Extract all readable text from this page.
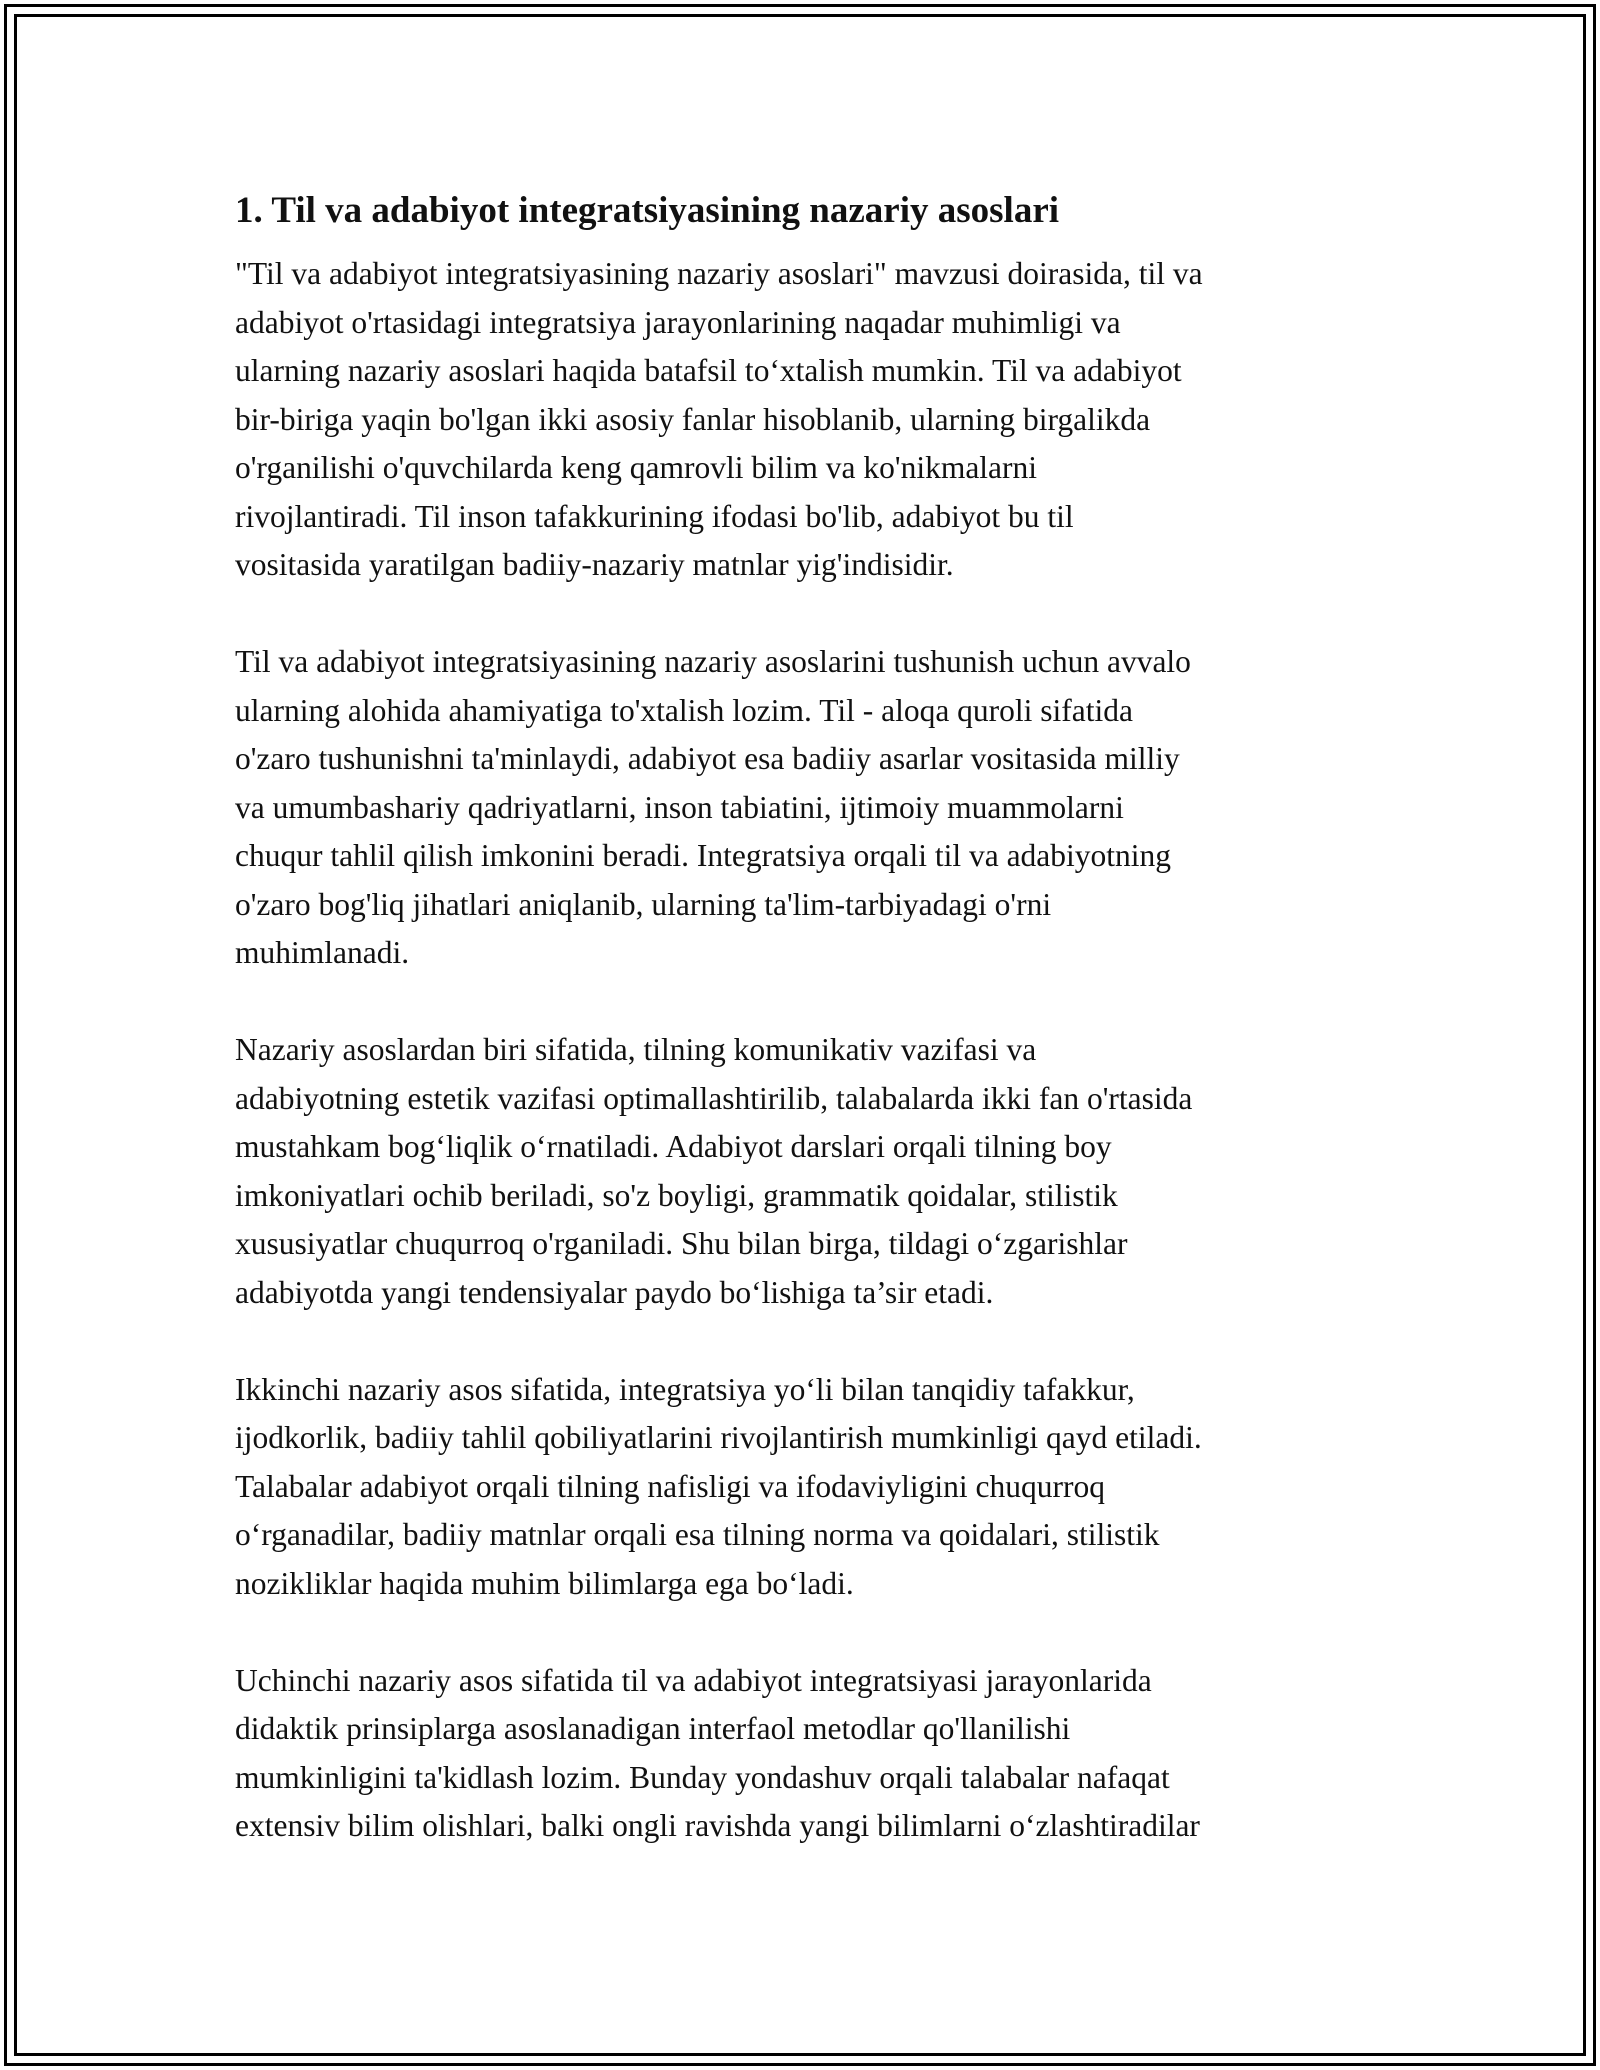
1. Til va adabiyot integratsiyasining nazariy asoslari

"Til va adabiyot integratsiyasining nazariy asoslari" mavzusi doirasida, til va
adabiyot o'rtasidagi integratsiya jarayonlarining naqadar muhimligi va
ularning nazariy asoslari haqida batafsil to‘xtalish mumkin. Til va adabiyot
bir-biriga yaqin bo'lgan ikki asosiy fanlar hisoblanib, ularning birgalikda
o'rganilishi o'quvchilarda keng qamrovli bilim va ko'nikmalarni
rivojlantiradi. Til inson tafakkurining ifodasi bo'lib, adabiyot bu til
vositasida yaratilgan badiiy-nazariy matnlar yig'indisidir.

Til va adabiyot integratsiyasining nazariy asoslarini tushunish uchun avvalo
ularning alohida ahamiyatiga to'xtalish lozim. Til - aloqa quroli sifatida
o'zaro tushunishni ta'minlaydi, adabiyot esa badiiy asarlar vositasida milliy
va umumbashariy qadriyatlarni, inson tabiatini, ijtimoiy muammolarni
chuqur tahlil qilish imkonini beradi. Integratsiya orqali til va adabiyotning
o'zaro bog'liq jihatlari aniqlanib, ularning ta'lim-tarbiyadagi o'rni
muhimlanadi.

Nazariy asoslardan biri sifatida, tilning komunikativ vazifasi va
adabiyotning estetik vazifasi optimallashtirilib, talabalarda ikki fan o'rtasida
mustahkam bog‘liqlik o‘rnatiladi. Adabiyot darslari orqali tilning boy
imkoniyatlari ochib beriladi, so'z boyligi, grammatik qoidalar, stilistik
xususiyatlar chuqurroq o'rganiladi. Shu bilan birga, tildagi o‘zgarishlar
adabiyotda yangi tendensiyalar paydo bo‘lishiga ta’sir etadi.

Ikkinchi nazariy asos sifatida, integratsiya yo‘li bilan tanqidiy tafakkur,
ijodkorlik, badiiy tahlil qobiliyatlarini rivojlantirish mumkinligi qayd etiladi.
Talabalar adabiyot orqali tilning nafisligi va ifodaviyligini chuqurroq
o‘rganadilar, badiiy matnlar orqali esa tilning norma va qoidalari, stilistik
nozikliklar haqida muhim bilimlarga ega bo‘ladi.

Uchinchi nazariy asos sifatida til va adabiyot integratsiyasi jarayonlarida
didaktik prinsiplarga asoslanadigan interfaol metodlar qo'llanilishi
mumkinligini ta'kidlash lozim. Bunday yondashuv orqali talabalar nafaqat
extensiv bilim olishlari, balki ongli ravishda yangi bilimlarni o‘zlashtiradilar
